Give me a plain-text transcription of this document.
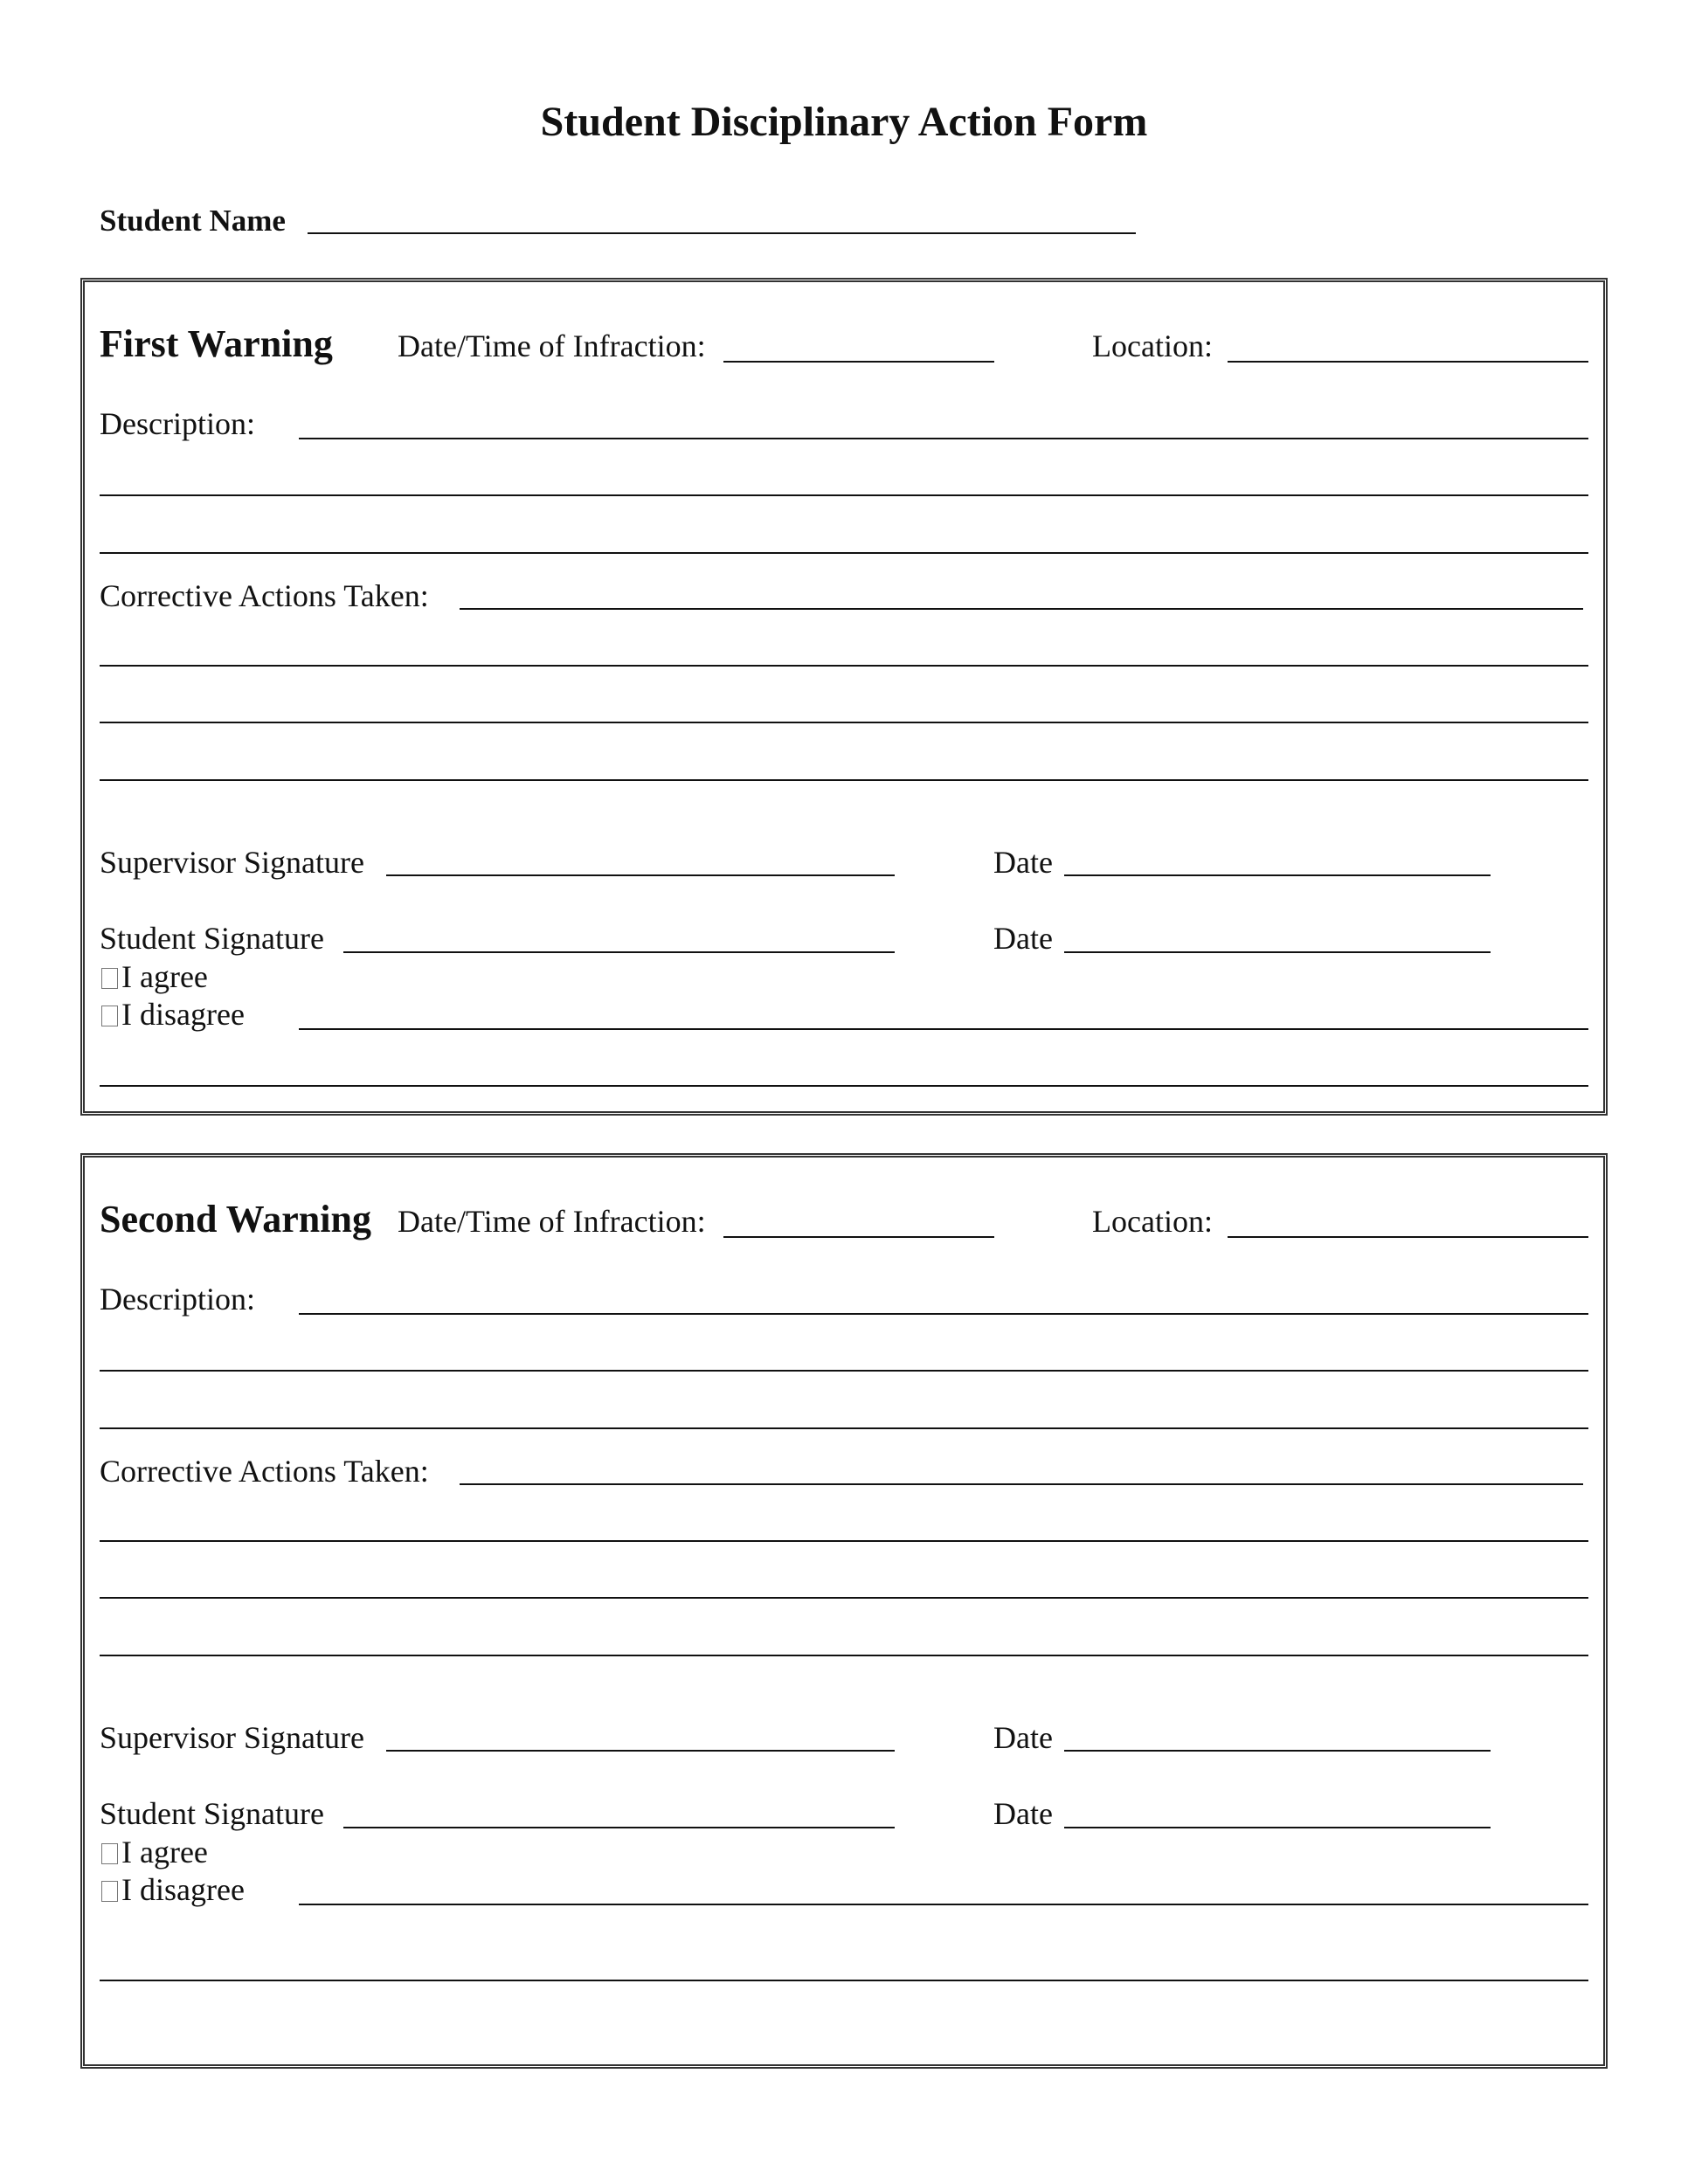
Student Disciplinary Action Form
Student Name
First Warning Date/Time of Infraction:	Location:
Description:
Corrective Actions Taken:
Supervisor Signature	Date
Student Signature	Date
I agree
I disagree
Second Warning Date/Time of Infraction:	Location:
Description:
Corrective Actions Taken:
Supervisor Signature	Date
Student Signature	Date
I agree
I disagree
